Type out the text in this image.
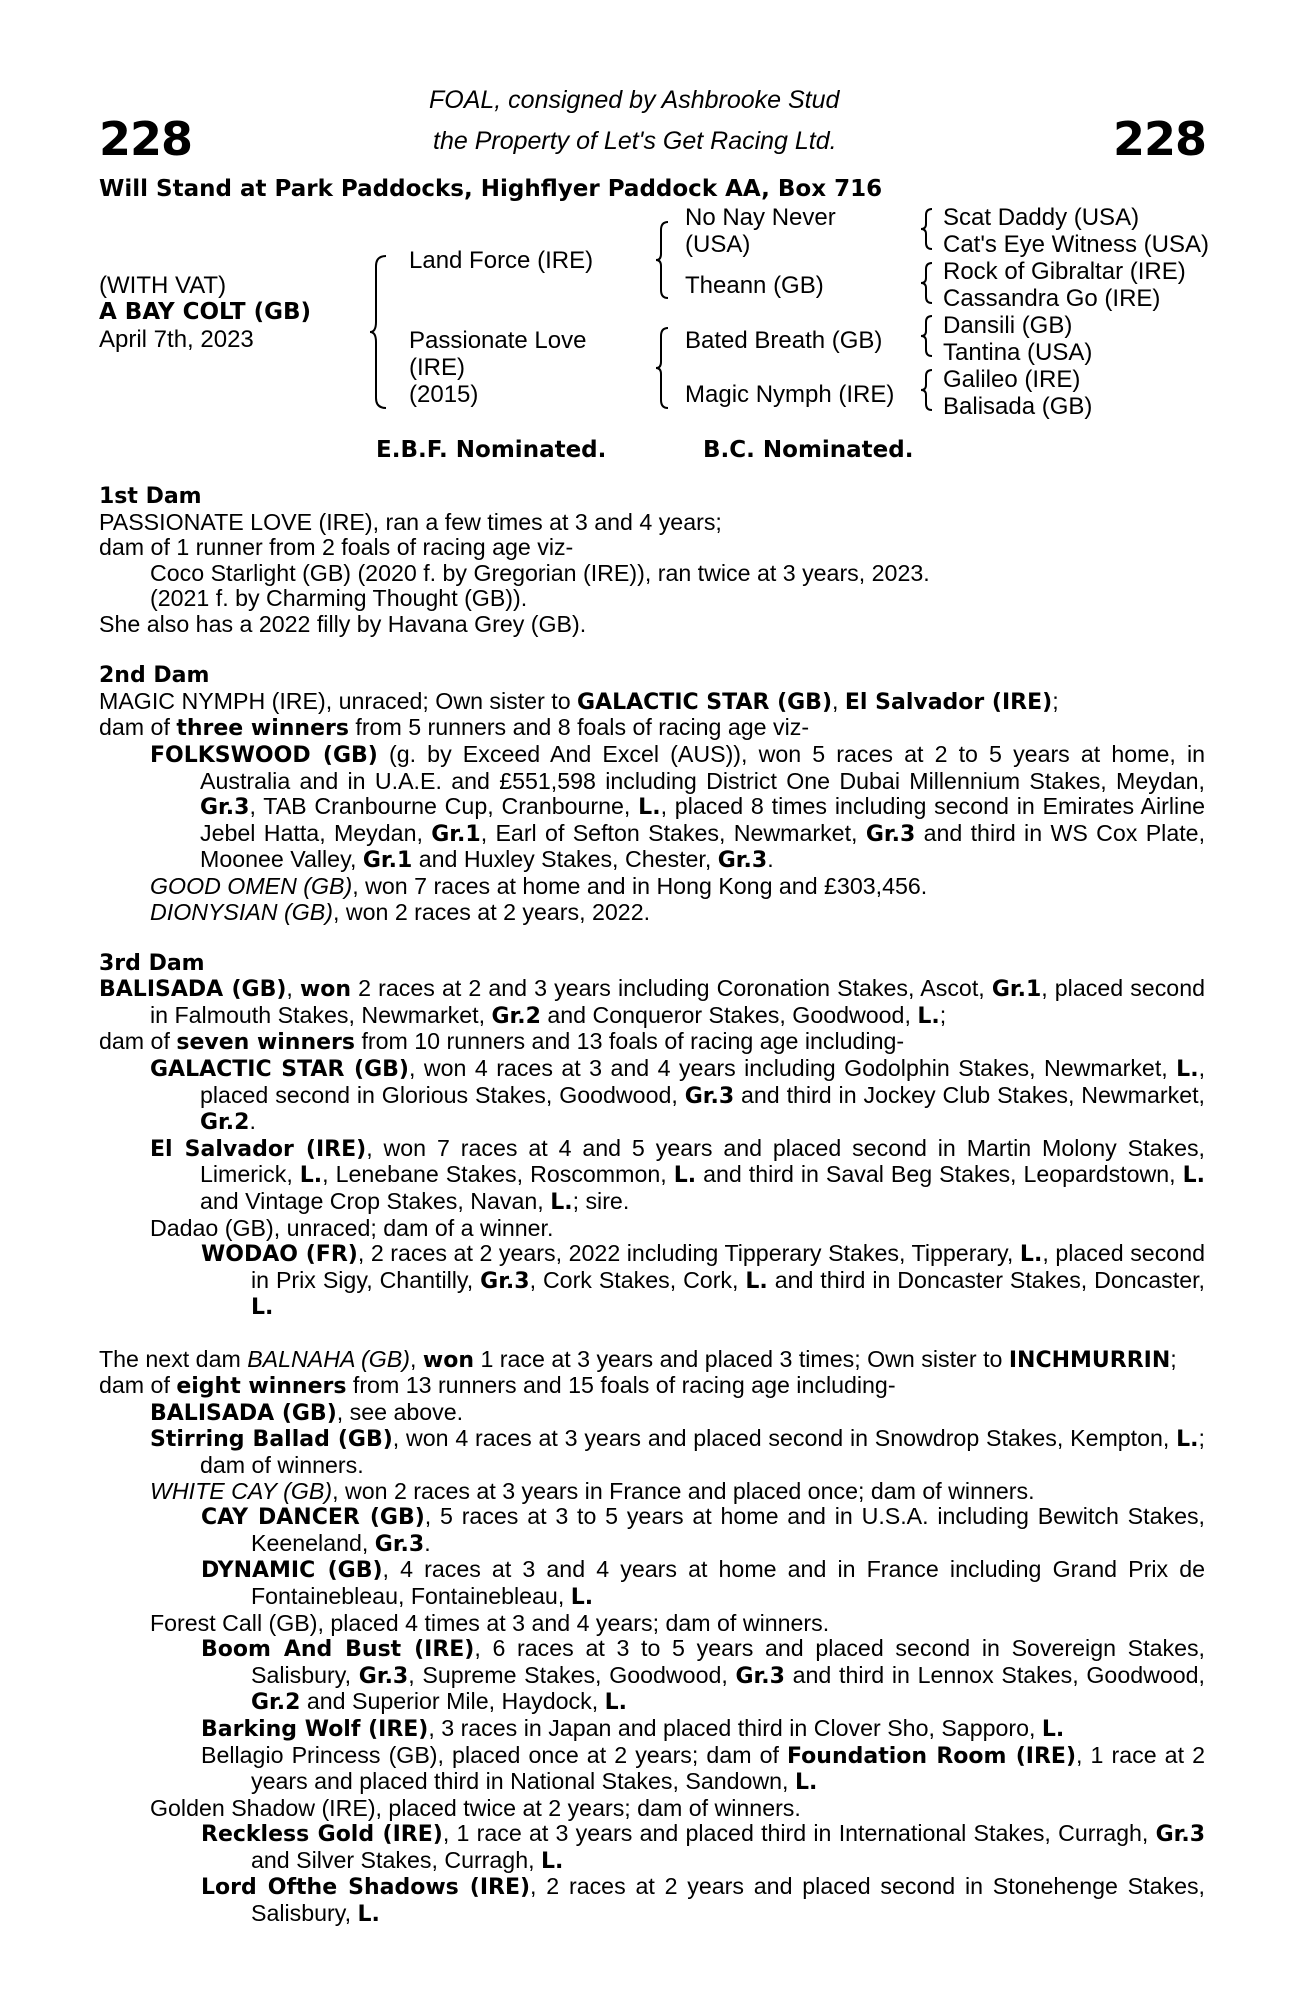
228	228
FOAL, consigned by Ashbrooke Stud
the Property of Let's Get Racing Ltd.
Will Stand at Park Paddocks, Highflyer Paddock AA, Box 716
(WITH VAT)
A BAY COLT (GB)
April 7th, 2023
Land Force (IRE)
Passionate Love
(IRE)
(2015)
No Nay Never
(USA)
Theann (GB)
Bated Breath (GB)
Magic Nymph (IRE)
Scat Daddy (USA)
Cat's Eye Witness (USA)
Rock of Gibraltar (IRE)
Cassandra Go (IRE)
Dansili (GB)
Tantina (USA)
Galileo (IRE)
Balisada (GB)
E.B.F. Nominated.	B.C. Nominated.

1st Dam

PASSIONATE LOVE (IRE), ran a few times at 3 and 4 years;

dam of 1 runner from 2 foals of racing age viz-

Coco Starlight (GB) (2020 f. by Gregorian (IRE)), ran twice at 3 years, 2023.

(2021 f. by Charming Thought (GB)).

She also has a 2022 filly by Havana Grey (GB).

2nd Dam

MAGIC NYMPH (IRE), unraced; Own sister to GALACTIC STAR (GB), El Salvador (IRE);

dam of three winners from 5 runners and 8 foals of racing age viz-

FOLKSWOOD (GB) (g. by Exceed And Excel (AUS)), won 5 races at 2 to 5 years at home, in Australia and in U.A.E. and £551,598 including District One Dubai Millennium Stakes, Meydan, Gr.3, TAB Cranbourne Cup, Cranbourne, L., placed 8 times including second in Emirates Airline Jebel Hatta, Meydan, Gr.1, Earl of Sefton Stakes, Newmarket, Gr.3 and third in WS Cox Plate, Moonee Valley, Gr.1 and Huxley Stakes, Chester, Gr.3.

GOOD OMEN (GB), won 7 races at home and in Hong Kong and £303,456.

DIONYSIAN (GB), won 2 races at 2 years, 2022.

3rd Dam

BALISADA (GB), won 2 races at 2 and 3 years including Coronation Stakes, Ascot, Gr.1, placed second in Falmouth Stakes, Newmarket, Gr.2 and Conqueror Stakes, Goodwood, L.;

dam of seven winners from 10 runners and 13 foals of racing age including-

GALACTIC STAR (GB), won 4 races at 3 and 4 years including Godolphin Stakes, Newmarket, L., placed second in Glorious Stakes, Goodwood, Gr.3 and third in Jockey Club Stakes, Newmarket, Gr.2.

El Salvador (IRE), won 7 races at 4 and 5 years and placed second in Martin Molony Stakes, Limerick, L., Lenebane Stakes, Roscommon, L. and third in Saval Beg Stakes, Leopardstown, L. and Vintage Crop Stakes, Navan, L.; sire.

Dadao (GB), unraced; dam of a winner.

WODAO (FR), 2 races at 2 years, 2022 including Tipperary Stakes, Tipperary, L., placed second in Prix Sigy, Chantilly, Gr.3, Cork Stakes, Cork, L. and third in Doncaster Stakes, Doncaster, L.

The next dam BALNAHA (GB), won 1 race at 3 years and placed 3 times; Own sister to INCHMURRIN;

dam of eight winners from 13 runners and 15 foals of racing age including-

BALISADA (GB), see above.

Stirring Ballad (GB), won 4 races at 3 years and placed second in Snowdrop Stakes, Kempton, L.; dam of winners.

WHITE CAY (GB), won 2 races at 3 years in France and placed once; dam of winners.

CAY DANCER (GB), 5 races at 3 to 5 years at home and in U.S.A. including Bewitch Stakes, Keeneland, Gr.3.

DYNAMIC (GB), 4 races at 3 and 4 years at home and in France including Grand Prix de Fontainebleau, Fontainebleau, L.

Forest Call (GB), placed 4 times at 3 and 4 years; dam of winners.

Boom And Bust (IRE), 6 races at 3 to 5 years and placed second in Sovereign Stakes, Salisbury, Gr.3, Supreme Stakes, Goodwood, Gr.3 and third in Lennox Stakes, Goodwood, Gr.2 and Superior Mile, Haydock, L.

Barking Wolf (IRE), 3 races in Japan and placed third in Clover Sho, Sapporo, L.

Bellagio Princess (GB), placed once at 2 years; dam of Foundation Room (IRE), 1 race at 2 years and placed third in National Stakes, Sandown, L.

Golden Shadow (IRE), placed twice at 2 years; dam of winners.

Reckless Gold (IRE), 1 race at 3 years and placed third in International Stakes, Curragh, Gr.3 and Silver Stakes, Curragh, L.

Lord Ofthe Shadows (IRE), 2 races at 2 years and placed second in Stonehenge Stakes, Salisbury, L.
